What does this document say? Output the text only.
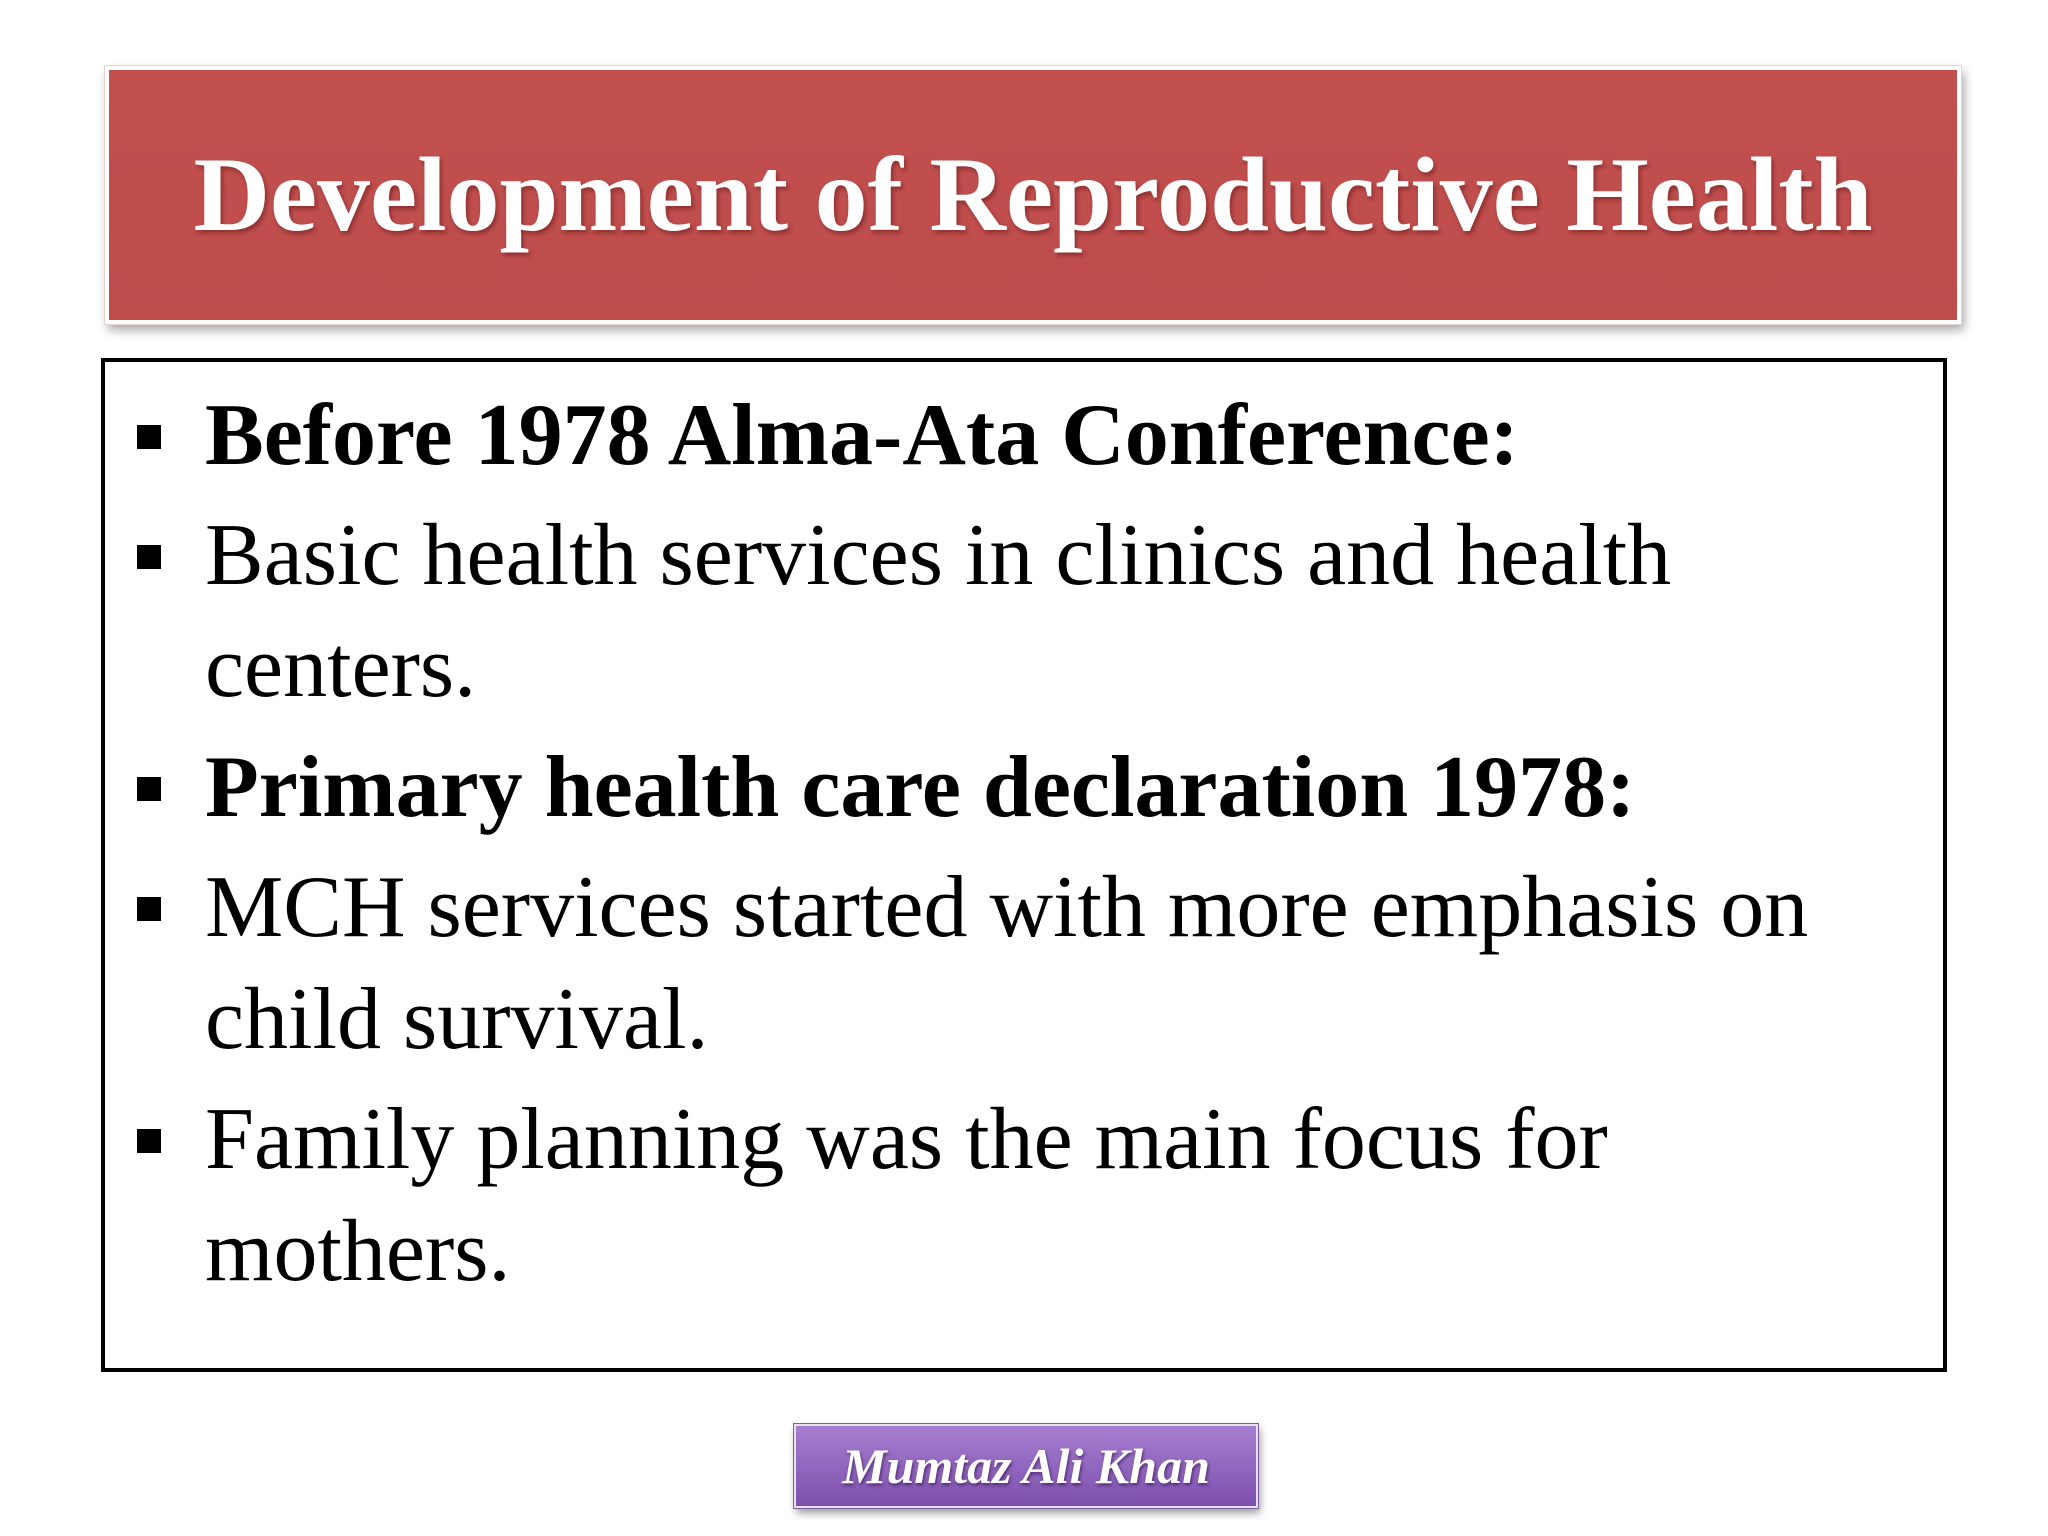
Development of Reproductive Health
Before 1978 Alma-Ata Conference:
Basic health services in clinics and health centers.
Primary health care declaration 1978:
MCH services started with more emphasis on child survival.
Family planning was the main focus for mothers.
Mumtaz Ali Khan
